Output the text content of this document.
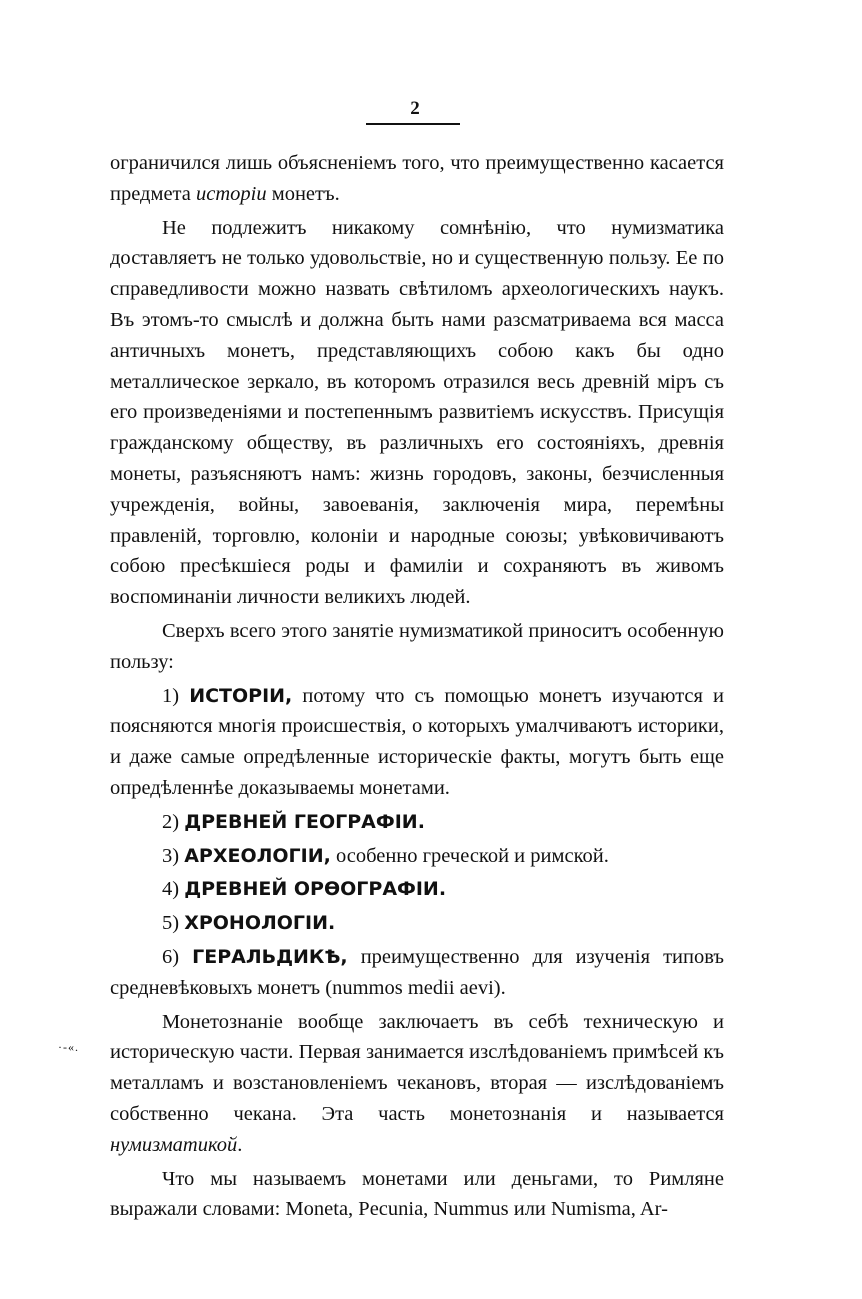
2

ограничился лишь объясненіемъ того, что преимущественно касается предмета исторіи монетъ.

Не подлежитъ никакому сомнѣнію, что нумизматика доставляетъ не только удовольствіе, но и существенную пользу. Ее по справедливости можно назвать свѣтиломъ археологическихъ наукъ. Въ этомъ-то смыслѣ и должна быть нами разсматриваема вся масса античныхъ монетъ, представляющихъ собою какъ бы одно металлическое зеркало, въ которомъ отразился весь древній міръ съ его произведеніями и постепеннымъ развитіемъ искусствъ. Присущія гражданскому обществу, въ различныхъ его состояніяхъ, древнія монеты, разъясняютъ намъ: жизнь городовъ, законы, безчисленныя учрежденія, войны, завоеванія, заключенія мира, перемѣны правленій, торговлю, колоніи и народные союзы; увѣковичиваютъ собою пресѣкшіеся роды и фамиліи и сохраняютъ въ живомъ воспоминаніи личности великихъ людей.

Сверхъ всего этого занятіе нумизматикой приноситъ особенную пользу:

1) ИСТОРІИ, потому что съ помощью монетъ изучаются и поясняются многія происшествія, о которыхъ умалчиваютъ историки, и даже самые опредѣленные историческіе факты, могутъ быть еще опредѣленнѣе доказываемы монетами.

2) ДРЕВНЕЙ ГЕОГРАФІИ.

3) АРХЕОЛОГІИ, особенно греческой и римской.

4) ДРЕВНЕЙ ОРѲОГРАФІИ.

5) ХРОНОЛОГІИ.

6) ГЕРАЛЬДИКѢ, преимущественно для изученія типовъ средневѣковыхъ монетъ (nummos medii aevi).

Монетознаніе вообще заключаетъ въ себѣ техническую и историческую части. Первая занимается изслѣдованіемъ примѣсей къ металламъ и возстановленіемъ чекановъ, вторая — изслѣдованіемъ собственно чекана. Эта часть монетознанія и называется нумизматикой.

Что мы называемъ монетами или деньгами, то Римляне выражали словами: Moneta, Pecunia, Nummus или Numisma, Ar-

·-«.
